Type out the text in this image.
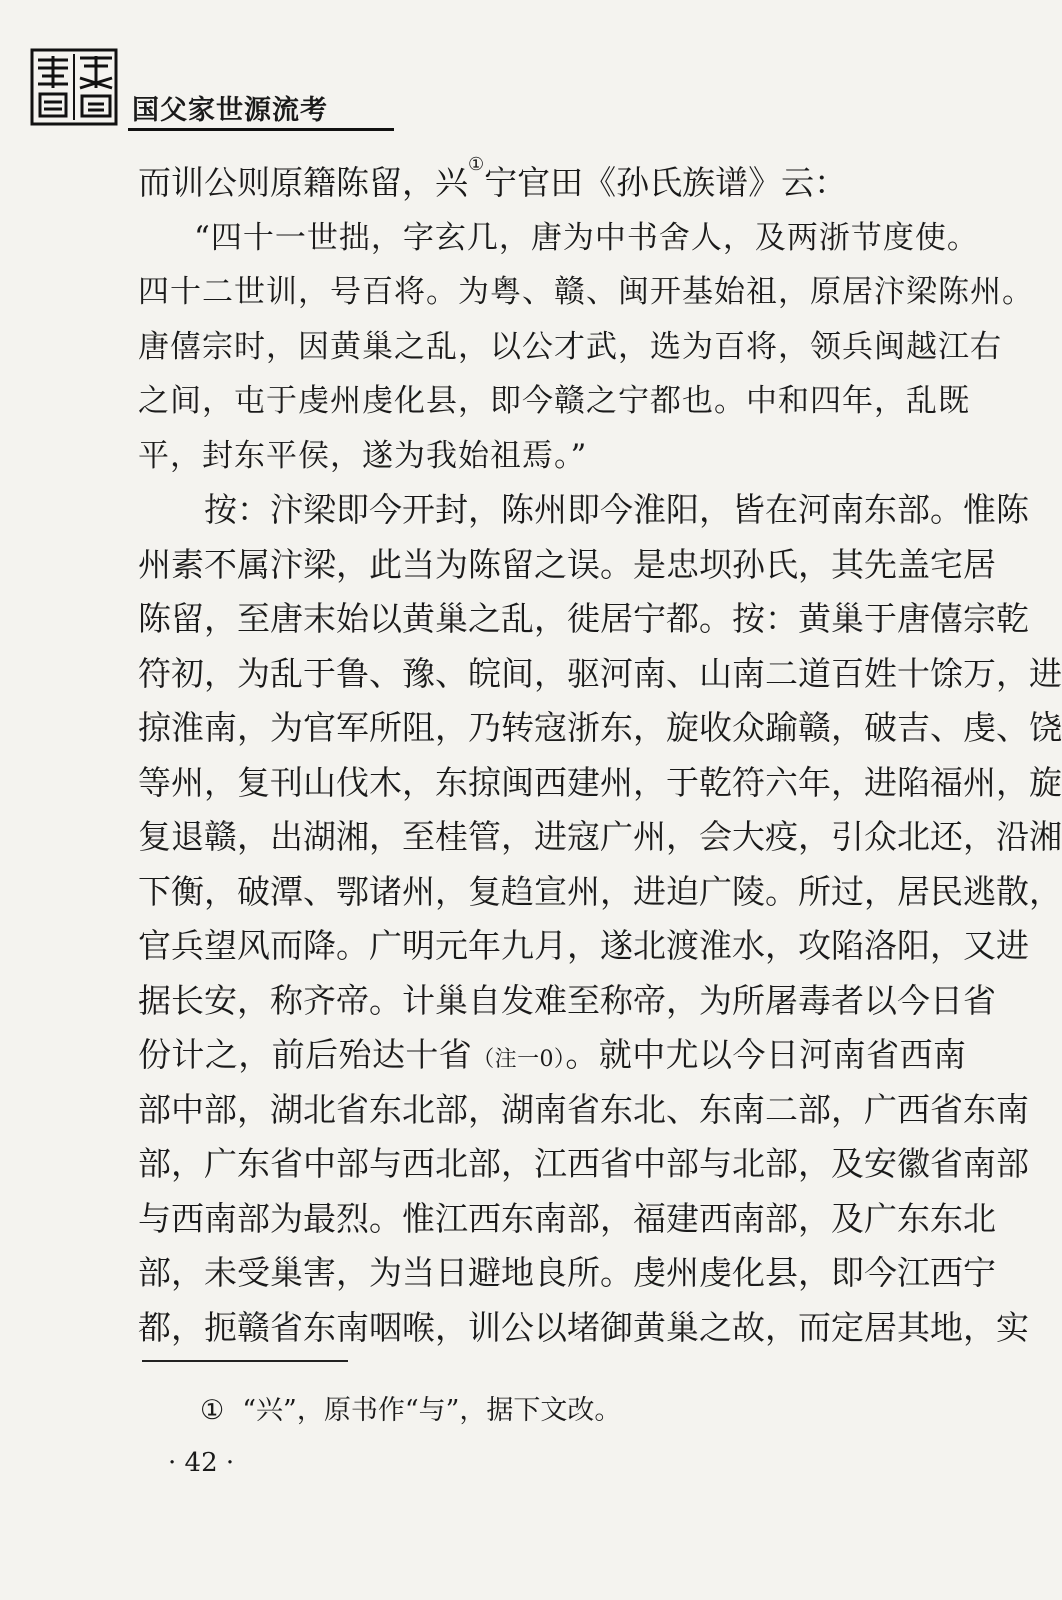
国父家世源流考
而训公则原籍陈留，兴①宁官田《孙氏族谱》云：
“四十一世拙，字玄几，唐为中书舍人，及两浙节度使。
四十二世训，号百将。为粤、赣、闽开基始祖，原居汴梁陈州。
唐僖宗时，因黄巢之乱，以公才武，选为百将，领兵闽越江右
之间，屯于虔州虔化县，即今赣之宁都也。中和四年，乱既
平，封东平侯，遂为我始祖焉。”
按：汴梁即今开封，陈州即今淮阳，皆在河南东部。惟陈
州素不属汴梁，此当为陈留之误。是忠坝孙氏，其先盖宅居
陈留，至唐末始以黄巢之乱，徙居宁都。按：黄巢于唐僖宗乾
符初，为乱于鲁、豫、皖间，驱河南、山南二道百姓十馀万，进
掠淮南，为官军所阻，乃转寇浙东，旋收众踰赣，破吉、虔、饶
等州，复刊山伐木，东掠闽西建州，于乾符六年，进陷福州，旋
复退赣，出湖湘，至桂管，进寇广州，会大疫，引众北还，沿湘
下衡，破潭、鄂诸州，复趋宣州，进迫广陵。所过，居民逃散，
官兵望风而降。广明元年九月，遂北渡淮水，攻陷洛阳，又进
据长安，称齐帝。计巢自发难至称帝，为所屠毒者以今日省
份计之，前后殆达十省（注一0）。就中尤以今日河南省西南
部中部，湖北省东北部，湖南省东北、东南二部，广西省东南
部，广东省中部与西北部，江西省中部与北部，及安徽省南部
与西南部为最烈。惟江西东南部，福建西南部，及广东东北
部，未受巢害，为当日避地良所。虔州虔化县，即今江西宁
都，扼赣省东南咽喉，训公以堵御黄巢之故，而定居其地，实
① “兴”，原书作“与”，据下文改。
· 42 ·
